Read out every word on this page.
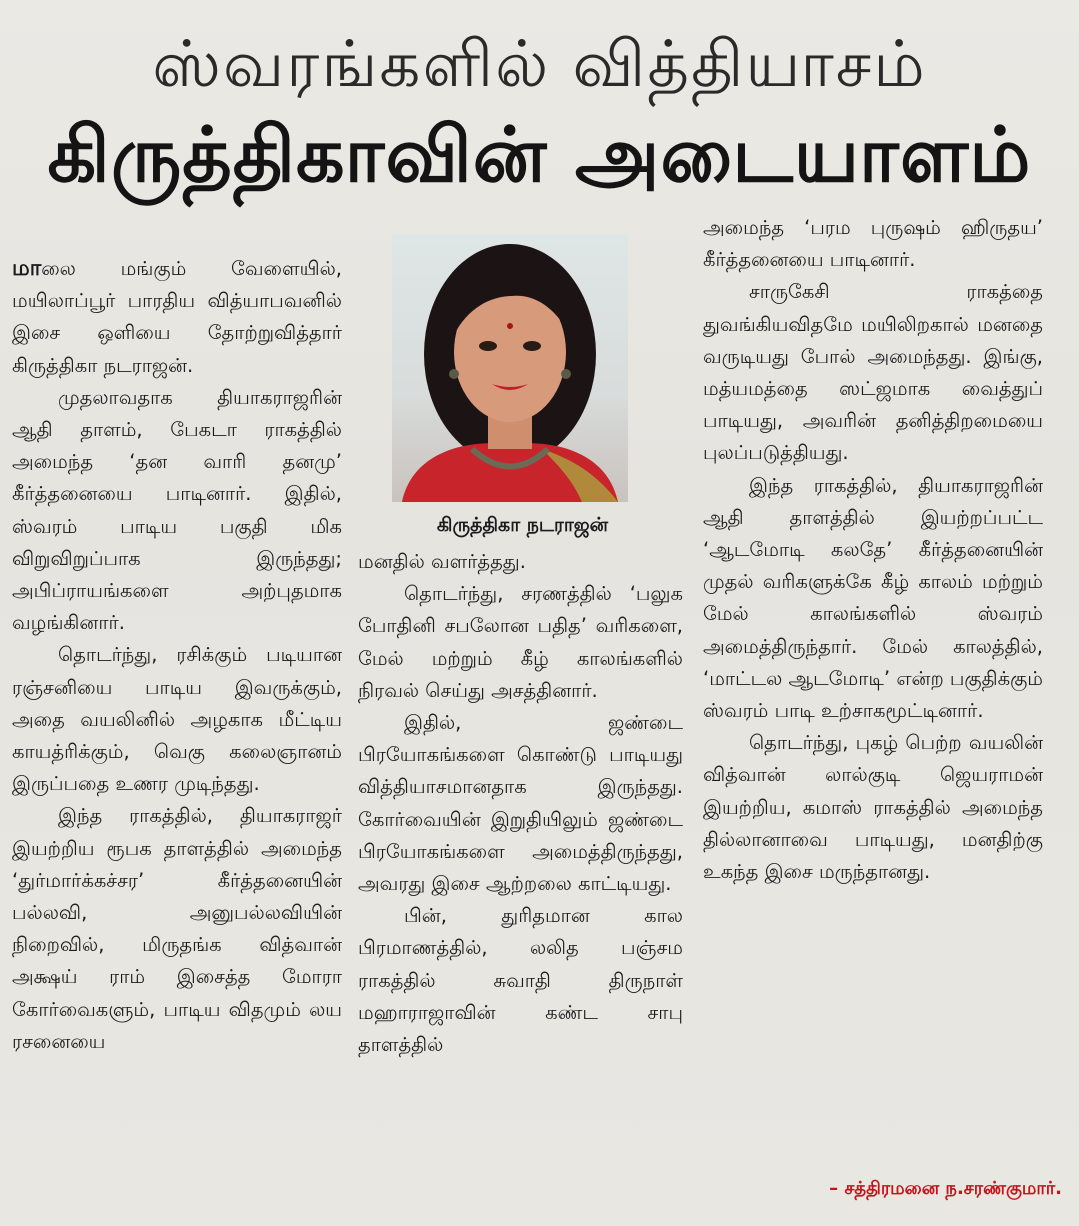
ஸ்வரங்களில் வித்தியாசம்
கிருத்திகாவின் அடையாளம்

மாலை மங்கும் வேளையில், மயிலாப்பூர் பாரதிய வித்யாபவனில் இசை ஒளியை தோற்றுவித்தார் கிருத்திகா நடராஜன்.

முதலாவதாக தியாகராஜரின் ஆதி தாளம், பேகடா ராகத்தில் அமைந்த ‘தன வாரி தனமு’ கீர்த்தனையை பாடினார். இதில், ஸ்வரம் பாடிய பகுதி மிக விறுவிறுப்பாக இருந்தது; அபிப்ராயங்களை அற்புதமாக வழங்கினார்.

தொடர்ந்து, ரசிக்கும் படியான ரஞ்சனியை பாடிய இவருக்கும், அதை வயலினில் அழகாக மீட்டிய காயத்ரிக்கும், வெகு கலைஞானம் இருப்பதை உணர முடிந்தது.

இந்த ராகத்தில், தியாகராஜர் இயற்றிய ரூபக தாளத்தில் அமைந்த ‘துர்மார்க்கச்சர’ கீர்த்தனையின் பல்லவி, அனுபல்லவியின் நிறைவில், மிருதங்க வித்வான் அக்ஷய் ராம் இசைத்த மோரா கோர்வைகளும், பாடிய விதமும் லய ரசனையை

கிருத்திகா நடராஜன்

மனதில் வளர்த்தது.

தொடர்ந்து, சரணத்தில் ‘பலுக போதினி சபலோன பதித’ வரிகளை, மேல் மற்றும் கீழ் காலங்களில் நிரவல் செய்து அசத்தினார்.

இதில், ஜண்டை பிரயோகங்களை கொண்டு பாடியது வித்தியாசமானதாக இருந்தது. கோர்வையின் இறுதியிலும் ஜண்டை பிரயோகங்களை அமைத்திருந்தது, அவரது இசை ஆற்றலை காட்டியது.

பின், துரிதமான கால பிரமாணத்தில், லலித பஞ்சம ராகத்தில் சுவாதி திருநாள் மஹாராஜாவின் கண்ட சாபு தாளத்தில்

அமைந்த ‘பரம புருஷம் ஹிருதய’ கீர்த்தனையை பாடினார்.

சாருகேசி ராகத்தை துவங்கியவிதமே மயிலிறகால் மனதை வருடியது போல் அமைந்தது. இங்கு, மத்யமத்தை ஸட்ஜமாக வைத்துப் பாடியது, அவரின் தனித்திறமையை புலப்படுத்தியது.

இந்த ராகத்தில், தியாகராஜரின் ஆதி தாளத்தில் இயற்றப்பட்ட ‘ஆடமோடி கலதே’ கீர்த்தனையின் முதல் வரிகளுக்கே கீழ் காலம் மற்றும் மேல் காலங்களில் ஸ்வரம் அமைத்திருந்தார். மேல் காலத்தில், ‘மாட்டல ஆடமோடி’ என்ற பகுதிக்கும் ஸ்வரம் பாடி உற்சாகமூட்டினார்.

தொடர்ந்து, புகழ் பெற்ற வயலின் வித்வான் லால்குடி ஜெயராமன் இயற்றிய, கமாஸ் ராகத்தில் அமைந்த தில்லானாவை பாடியது, மனதிற்கு உகந்த இசை மருந்தானது.

– சத்திரமனை ந.சரண்குமார்.
